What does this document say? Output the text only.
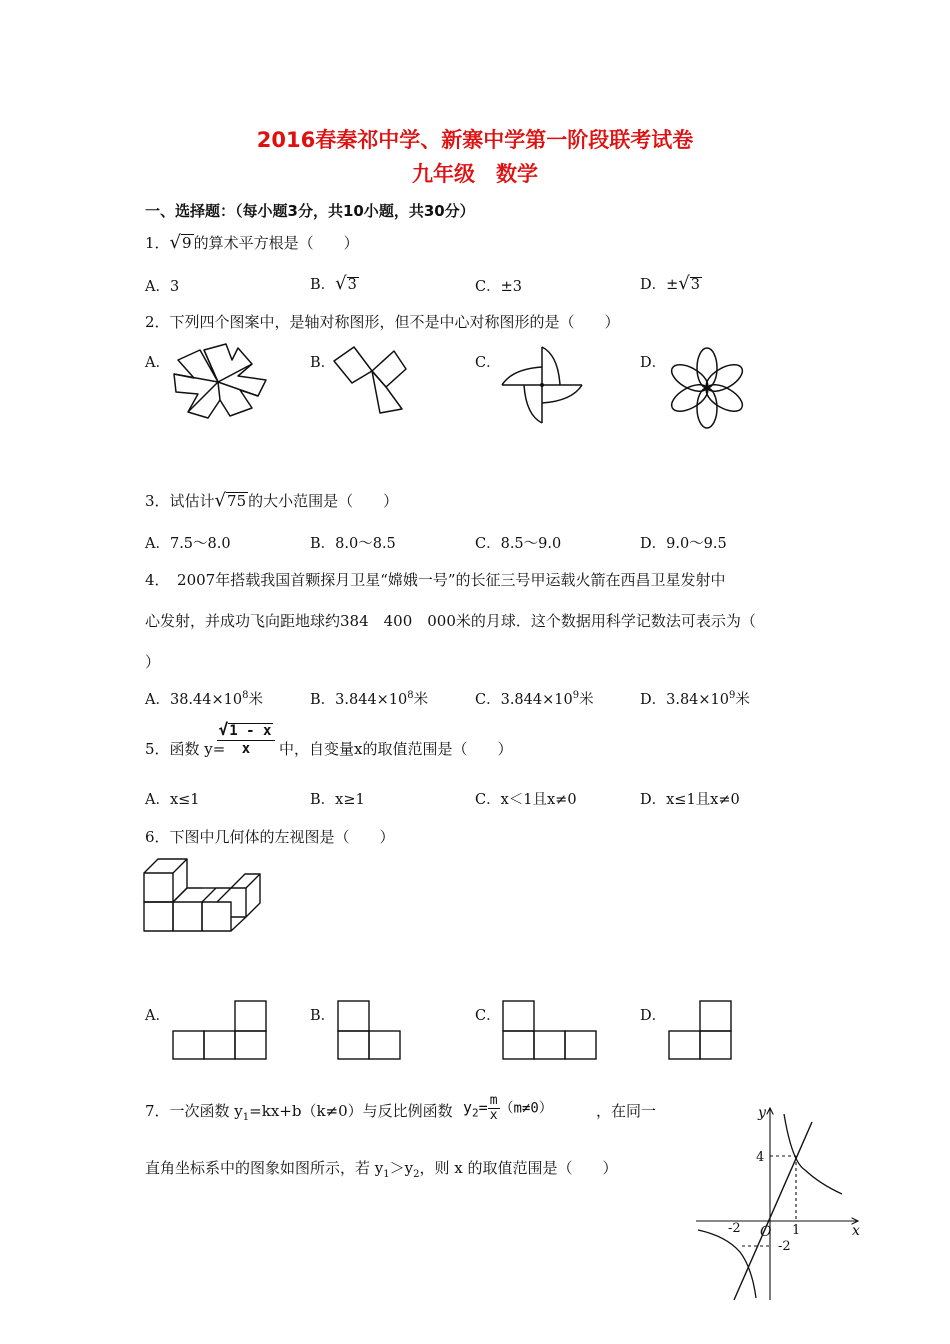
2016春秦祁中学、新寨中学第一阶段联考试卷
九年级　数学
一、选择题：（每小题3分，共10小题，共30分）
1．√9 的算术平方根是（　　）
A．3	B．√3	C．±3	D．±√3
2．下列四个图案中，是轴对称图形，但不是中心对称图形的是（　　）
A．	B．	C．	D．
3．试估计√75 的大小范围是（　　）
A．7.5～8.0	B．8.0～8.5	C．8.5～9.0	D．9.0～9.5
4．　2007年搭载我国首颗探月卫星“嫦娥一号”的长征三号甲运载火箭在西昌卫星发射中
心发射，并成功飞向距地球约384　400　000米的月球．这个数据用科学记数法可表示为（
）
A．$38.44\times 10^8$米	B．$3.844\times 10^8$米	C．$3.844\times 10^9$米	D．$3.84\times 10^9$米
5．函数 y=
√1 - x
x	中，自变量x的取值范围是（　　）
A．x≤1	B．x≥1	C．x＜1且x≠0	D．x≤1且x≠0
6．下图中几何体的左视图是（　　）
A．	B．	C．	D．
7．一次函数 $y_1=kx+b(k\ne 0)$与反比例函数 $y_2= \frac{m}{x} (m\ne 0)$	，在同一
直角坐标系中的图象如图所示，若 $y_1>y_2$，则 x 的取值范围是（　　）
x
y
O
4
-2	1
-2
